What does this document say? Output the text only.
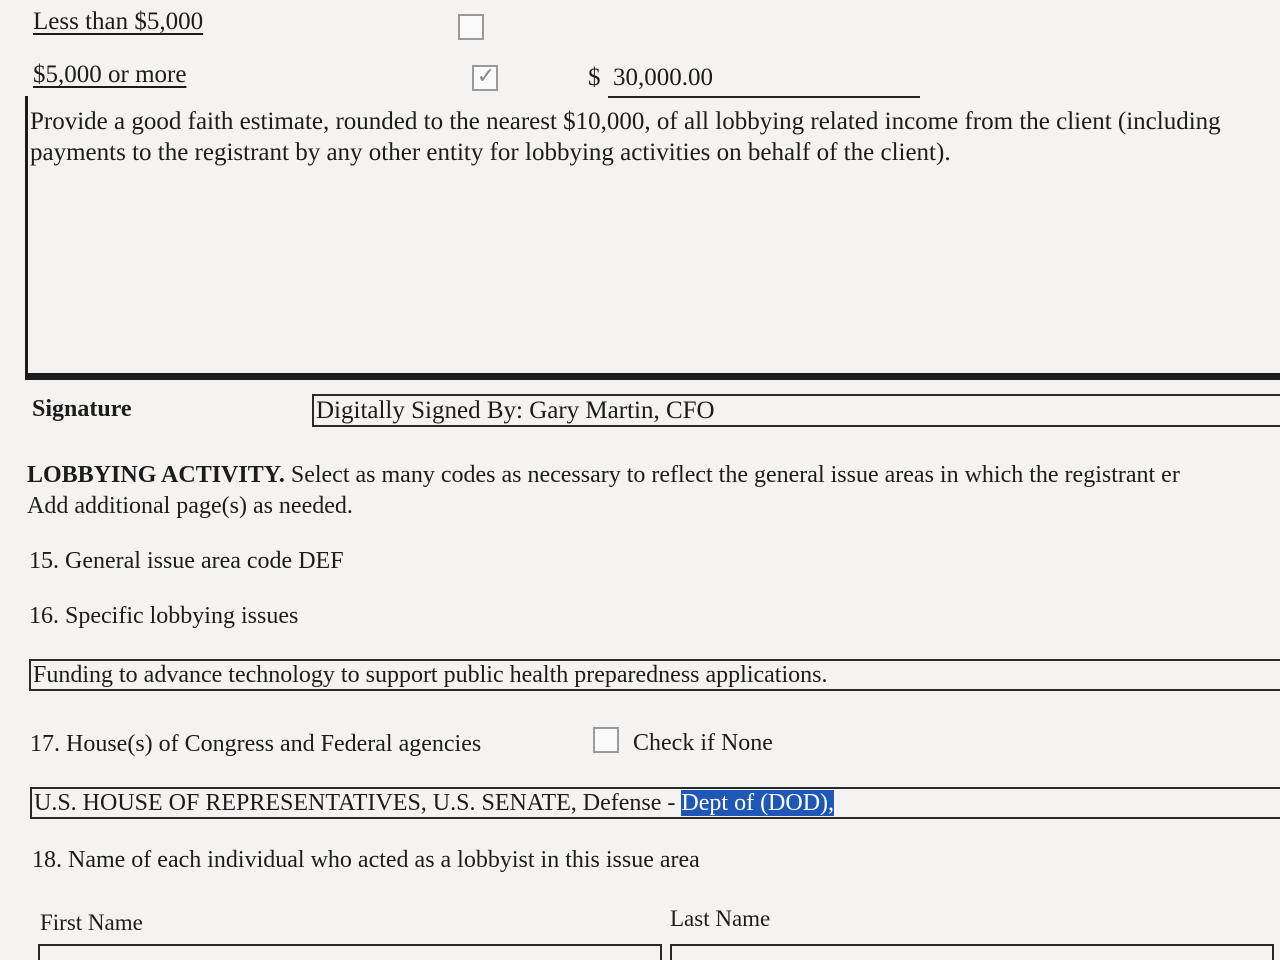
Less than $5,000
$5,000 or more	✓	$ 30,000.00
Provide a good faith estimate, rounded to the nearest $10,000, of all lobbying related income from the client (including payments to the registrant by any other entity for lobbying activities on behalf of the client).
Signature	Digitally Signed By: Gary Martin, CFO
LOBBYING ACTIVITY. Select as many codes as necessary to reflect the general issue areas in which the registrant er
Add additional page(s) as needed.
15. General issue area code DEF
16. Specific lobbying issues
Funding to advance technology to support public health preparedness applications.
17. House(s) of Congress and Federal agencies	Check if None
U.S. HOUSE OF REPRESENTATIVES, U.S. SENATE, Defense - Dept of (DOD),
18. Name of each individual who acted as a lobbyist in this issue area
First Name	Last Name
